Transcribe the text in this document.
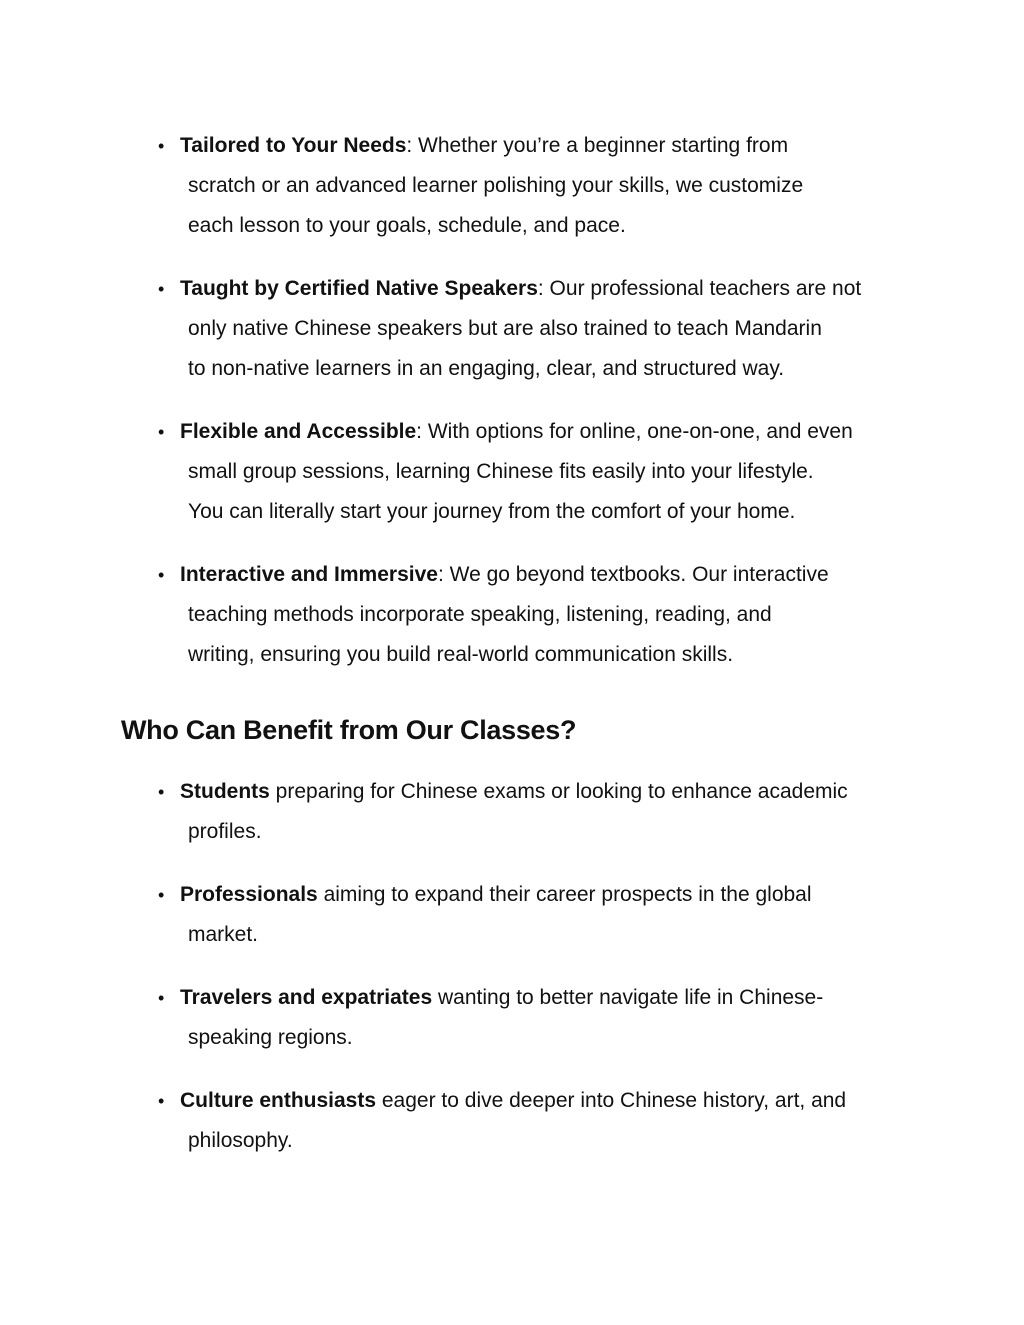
• Tailored to Your Needs: Whether you’re a beginner starting from
scratch or an advanced learner polishing your skills, we customize
each lesson to your goals, schedule, and pace.
• Taught by Certified Native Speakers: Our professional teachers are not
only native Chinese speakers but are also trained to teach Mandarin
to non-native learners in an engaging, clear, and structured way.
• Flexible and Accessible: With options for online, one-on-one, and even
small group sessions, learning Chinese fits easily into your lifestyle.
You can literally start your journey from the comfort of your home.
• Interactive and Immersive: We go beyond textbooks. Our interactive
teaching methods incorporate speaking, listening, reading, and
writing, ensuring you build real-world communication skills.
Who Can Benefit from Our Classes?
• Students preparing for Chinese exams or looking to enhance academic
profiles.
• Professionals aiming to expand their career prospects in the global
market.
• Travelers and expatriates wanting to better navigate life in Chinese-
speaking regions.
• Culture enthusiasts eager to dive deeper into Chinese history, art, and
philosophy.
